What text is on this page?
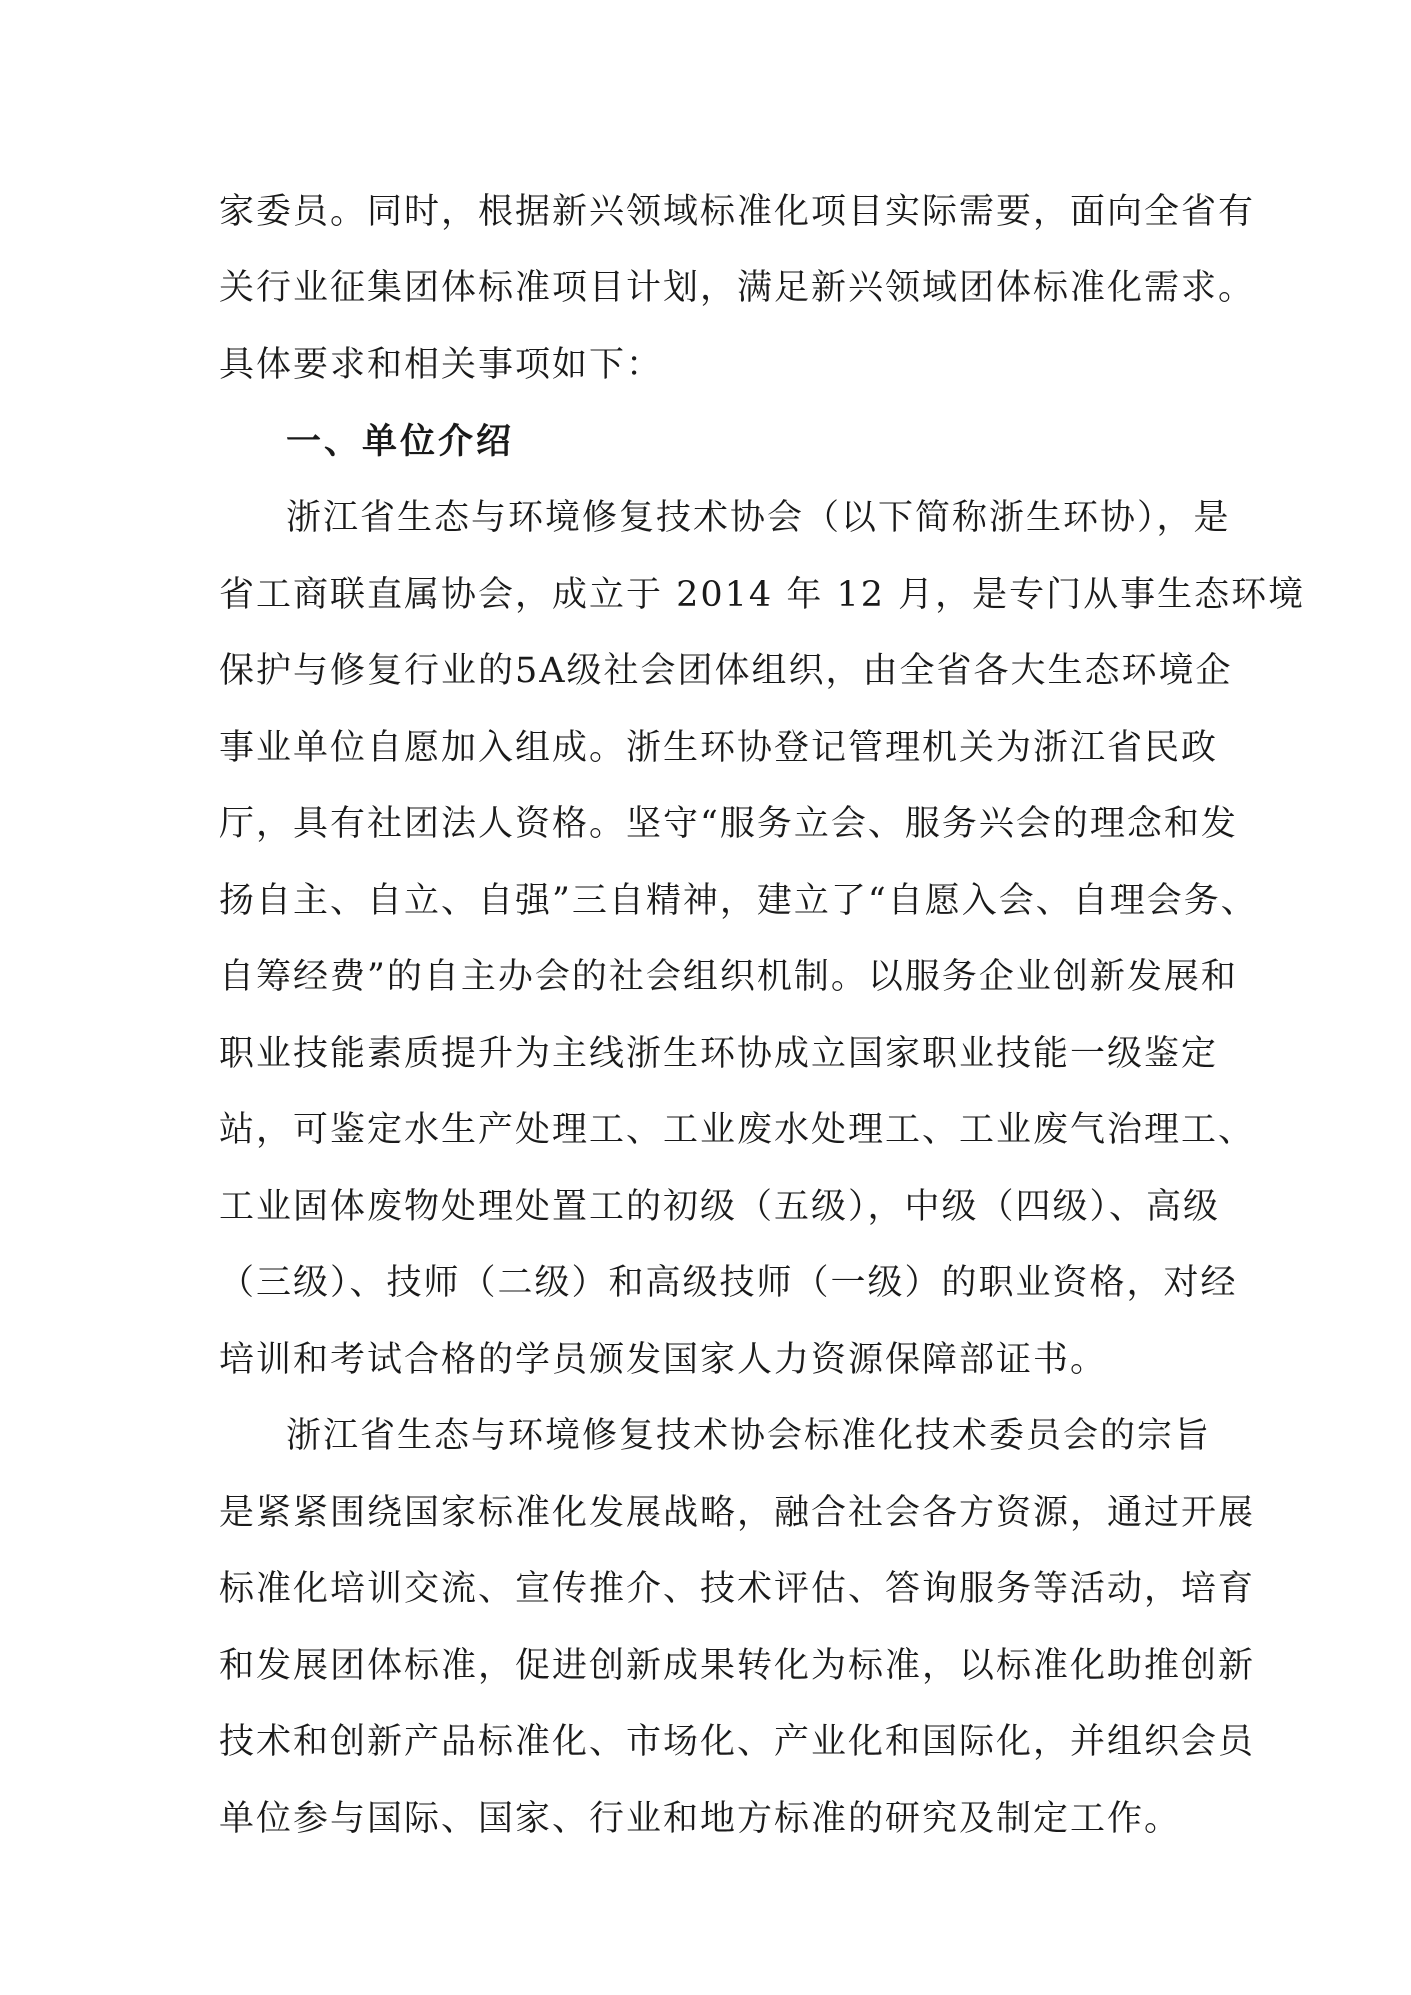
家委员。同时，根据新兴领域标准化项目实际需要，面向全省有
关行业征集团体标准项目计划，满足新兴领域团体标准化需求。
具体要求和相关事项如下：
一、单位介绍
浙江省生态与环境修复技术协会（以下简称浙生环协），是
省工商联直属协会，成立于 2014 年 12 月，是专门从事生态环境
保护与修复行业的5A级社会团体组织，由全省各大生态环境企
事业单位自愿加入组成。浙生环协登记管理机关为浙江省民政
厅，具有社团法人资格。坚守“服务立会、服务兴会的理念和发
扬自主、自立、自强”三自精神，建立了“自愿入会、自理会务、
自筹经费”的自主办会的社会组织机制。以服务企业创新发展和
职业技能素质提升为主线浙生环协成立国家职业技能一级鉴定
站，可鉴定水生产处理工、工业废水处理工、工业废气治理工、
工业固体废物处理处置工的初级（五级），中级（四级）、高级
（三级）、技师（二级）和高级技师（一级）的职业资格，对经
培训和考试合格的学员颁发国家人力资源保障部证书。
浙江省生态与环境修复技术协会标准化技术委员会的宗旨
是紧紧围绕国家标准化发展战略，融合社会各方资源，通过开展
标准化培训交流、宣传推介、技术评估、答询服务等活动，培育
和发展团体标准，促进创新成果转化为标准，以标准化助推创新
技术和创新产品标准化、市场化、产业化和国际化，并组织会员
单位参与国际、国家、行业和地方标准的研究及制定工作。
